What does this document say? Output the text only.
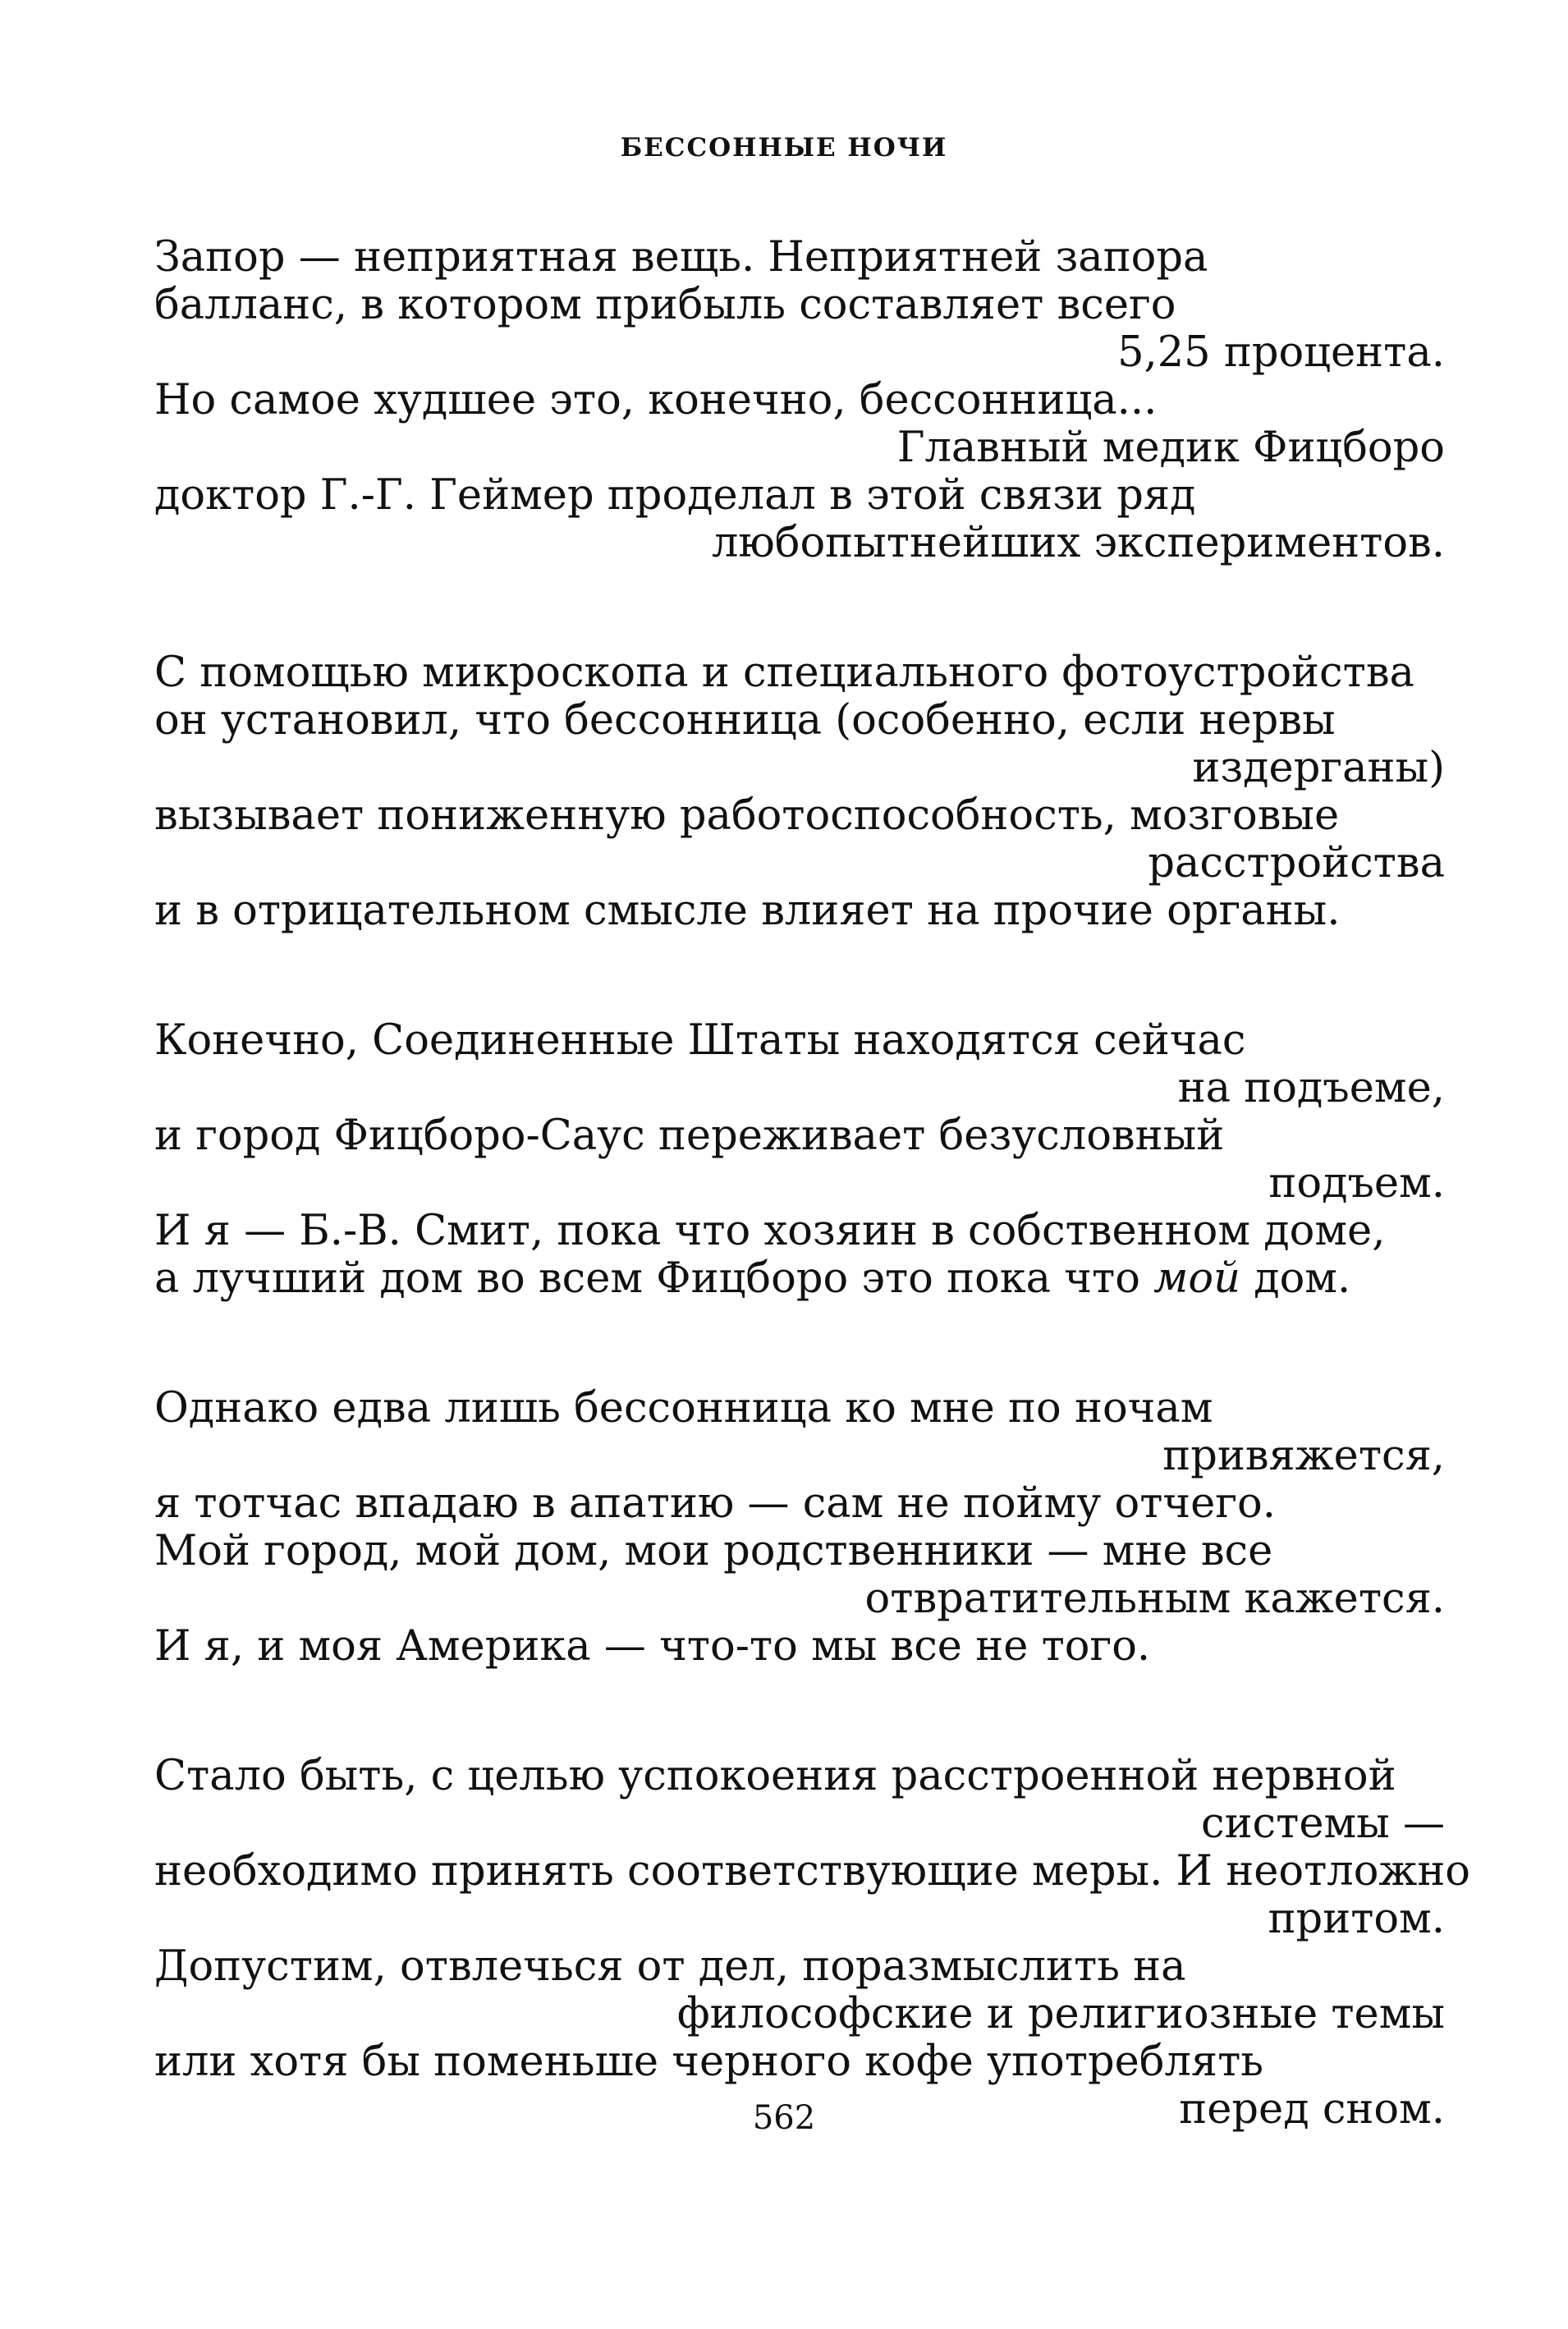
БЕССОННЫЕ НОЧИ
Запор — неприятная вещь. Неприятней запора
балланс, в котором прибыль составляет всего
5,25 процента.
Но самое худшее это, конечно, бессонница...
Главный медик Фицборо
доктор Г.-Г. Геймер проделал в этой связи ряд
любопытнейших экспериментов.
С помощью микроскопа и специального фотоустройства
он установил, что бессонница (особенно, если нервы
издерганы)
вызывает пониженную работоспособность, мозговые
расстройства
и в отрицательном смысле влияет на прочие органы.
Конечно, Соединенные Штаты находятся сейчас
на подъеме,
и город Фицборо-Саус переживает безусловный
подъем.
И я — Б.-В. Смит, пока что хозяин в собственном доме,
а лучший дом во всем Фицборо это пока что мой дом.
Однако едва лишь бессонница ко мне по ночам
привяжется,
я тотчас впадаю в апатию — сам не пойму отчего.
Мой город, мой дом, мои родственники — мне все
отвратительным кажется.
И я, и моя Америка — что-то мы все не того.
Стало быть, с целью успокоения расстроенной нервной
системы —
необходимо принять соответствующие меры. И неотложно
притом.
Допустим, отвлечься от дел, поразмыслить на
философские и религиозные темы
или хотя бы поменьше черного кофе употреблять
перед сном.
562
